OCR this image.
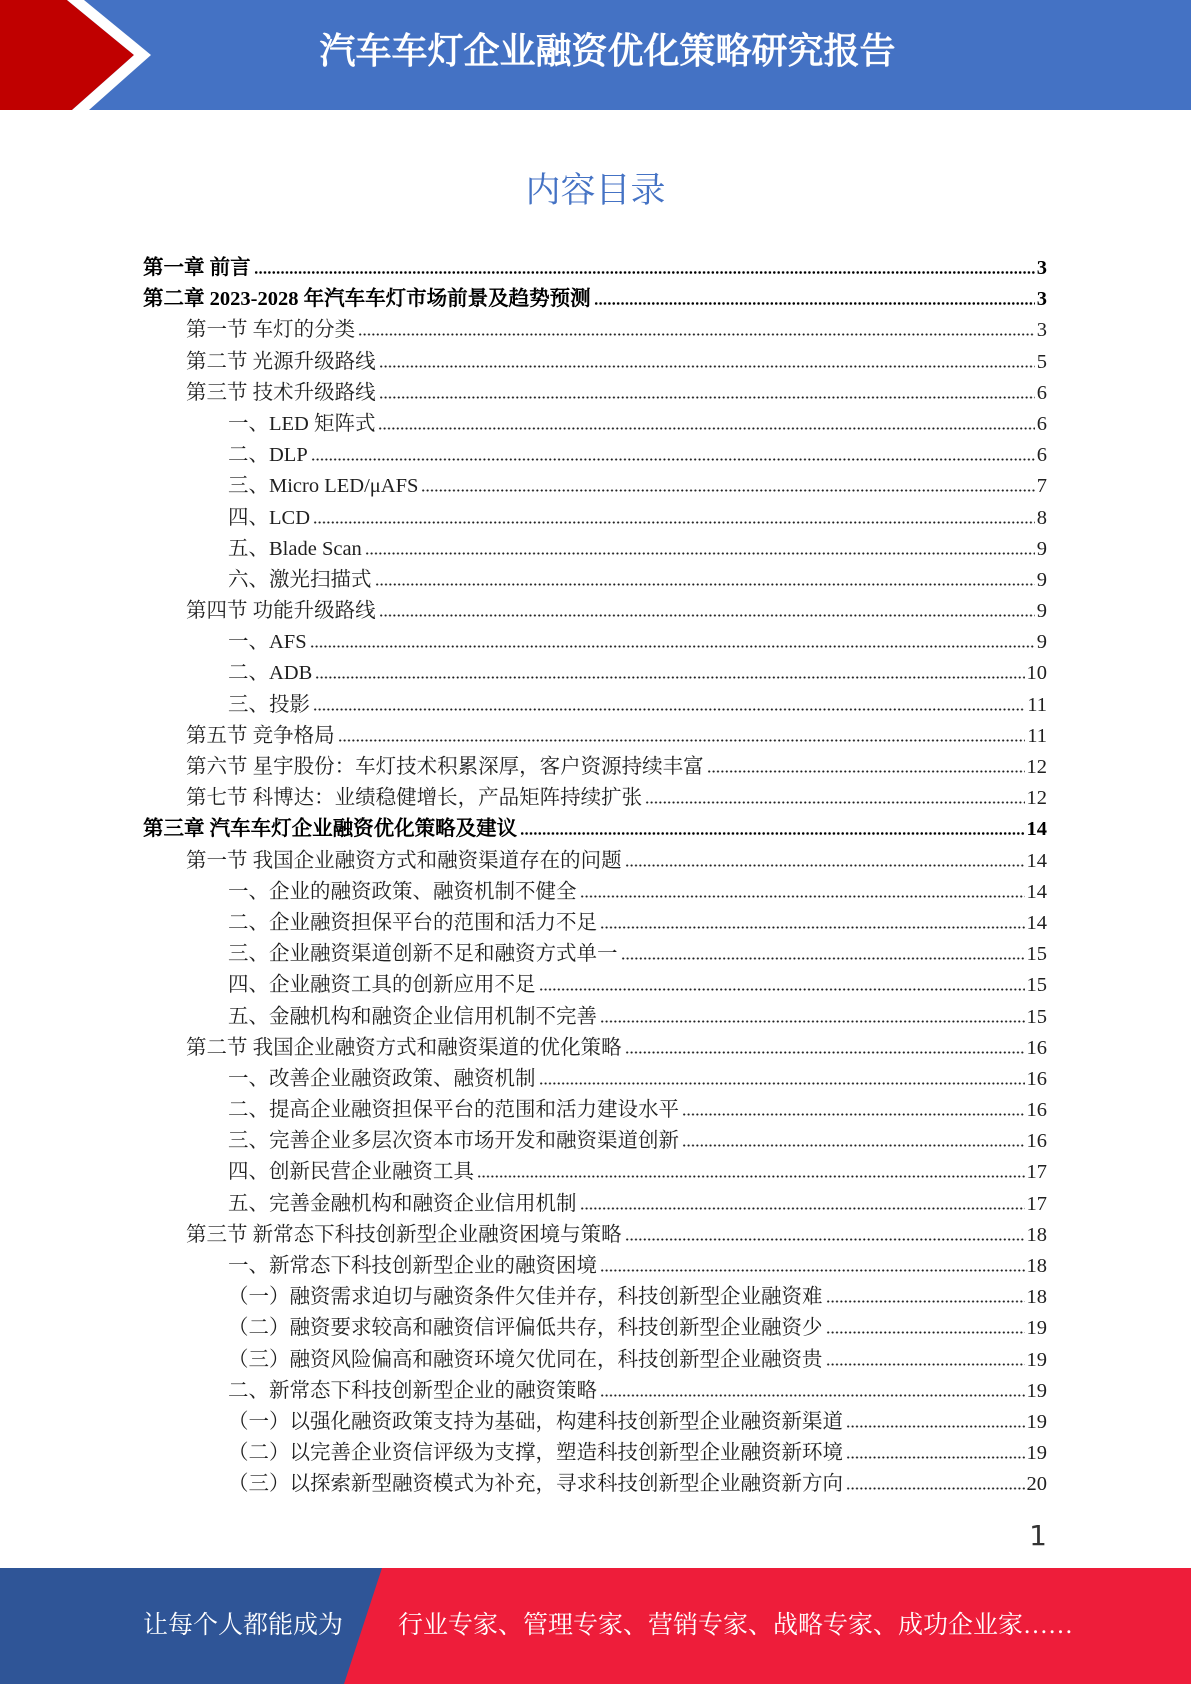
汽车车灯企业融资优化策略研究报告
内容目录
第一章 前言	3
第二章 2023-2028 年汽车车灯市场前景及趋势预测	3
第一节 车灯的分类	3
第二节 光源升级路线	5
第三节 技术升级路线	6
一、LED 矩阵式	6
二、DLP	6
三、Micro LED/μAFS	7
四、LCD	8
五、Blade Scan	9
六、激光扫描式	9
第四节 功能升级路线	9
一、AFS	9
二、ADB	10
三、投影	11
第五节 竞争格局	11
第六节 星宇股份：车灯技术积累深厚，客户资源持续丰富	12
第七节 科博达：业绩稳健增长，产品矩阵持续扩张	12
第三章 汽车车灯企业融资优化策略及建议	14
第一节 我国企业融资方式和融资渠道存在的问题	14
一、企业的融资政策、融资机制不健全	14
二、企业融资担保平台的范围和活力不足	14
三、企业融资渠道创新不足和融资方式单一	15
四、企业融资工具的创新应用不足	15
五、金融机构和融资企业信用机制不完善	15
第二节 我国企业融资方式和融资渠道的优化策略	16
一、改善企业融资政策、融资机制	16
二、提高企业融资担保平台的范围和活力建设水平	16
三、完善企业多层次资本市场开发和融资渠道创新	16
四、创新民营企业融资工具	17
五、完善金融机构和融资企业信用机制	17
第三节 新常态下科技创新型企业融资困境与策略	18
一、新常态下科技创新型企业的融资困境	18
（一）融资需求迫切与融资条件欠佳并存，科技创新型企业融资难	18
（二）融资要求较高和融资信评偏低共存，科技创新型企业融资少	19
（三）融资风险偏高和融资环境欠优同在，科技创新型企业融资贵	19
二、新常态下科技创新型企业的融资策略	19
（一）以强化融资政策支持为基础，构建科技创新型企业融资新渠道	19
（二）以完善企业资信评级为支撑，塑造科技创新型企业融资新环境	19
（三）以探索新型融资模式为补充，寻求科技创新型企业融资新方向	20
1
让每个人都能成为 行业专家、管理专家、营销专家、战略专家、成功企业家……
